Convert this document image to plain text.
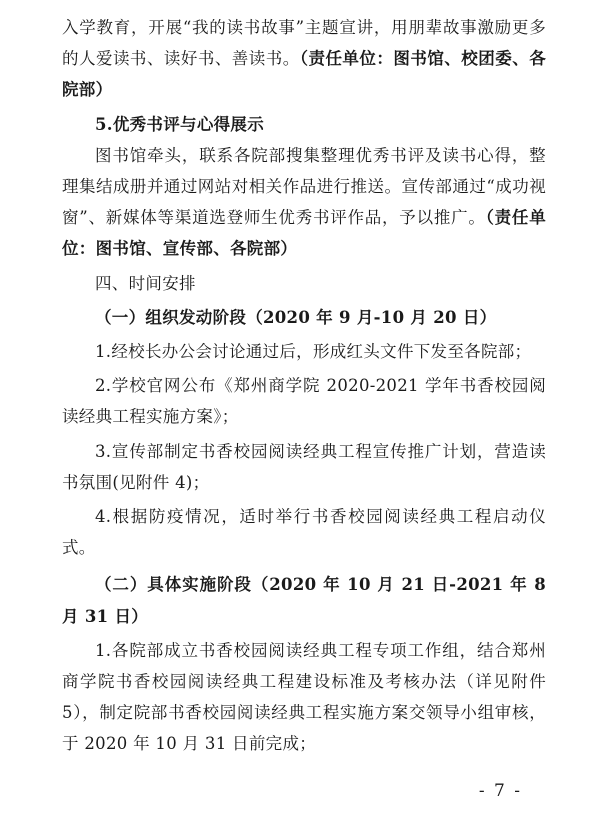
入学教育，开展“我的读书故事”主题宣讲，用朋辈故事激励更多的人爱读书、读好书、善读书。（责任单位：图书馆、校团委、各院部）

5.优秀书评与心得展示

图书馆牵头，联系各院部搜集整理优秀书评及读书心得，整理集结成册并通过网站对相关作品进行推送。宣传部通过“成功视窗”、新媒体等渠道选登师生优秀书评作品，予以推广。（责任单位：图书馆、宣传部、各院部）

四、时间安排

（一）组织发动阶段（2020 年 9 月-10 月 20 日）

1.经校长办公会讨论通过后，形成红头文件下发至各院部；

2.学校官网公布《郑州商学院 2020-2021 学年书香校园阅读经典工程实施方案》；

3.宣传部制定书香校园阅读经典工程宣传推广计划，营造读书氛围(见附件 4)；

4.根据防疫情况，适时举行书香校园阅读经典工程启动仪式。

（二）具体实施阶段（2020 年 10 月 21 日-2021 年 8 月 31 日）

1.各院部成立书香校园阅读经典工程专项工作组，结合郑州商学院书香校园阅读经典工程建设标准及考核办法（详见附件 5），制定院部书香校园阅读经典工程实施方案交领导小组审核，于 2020 年 10 月 31 日前完成；

- 7 -
